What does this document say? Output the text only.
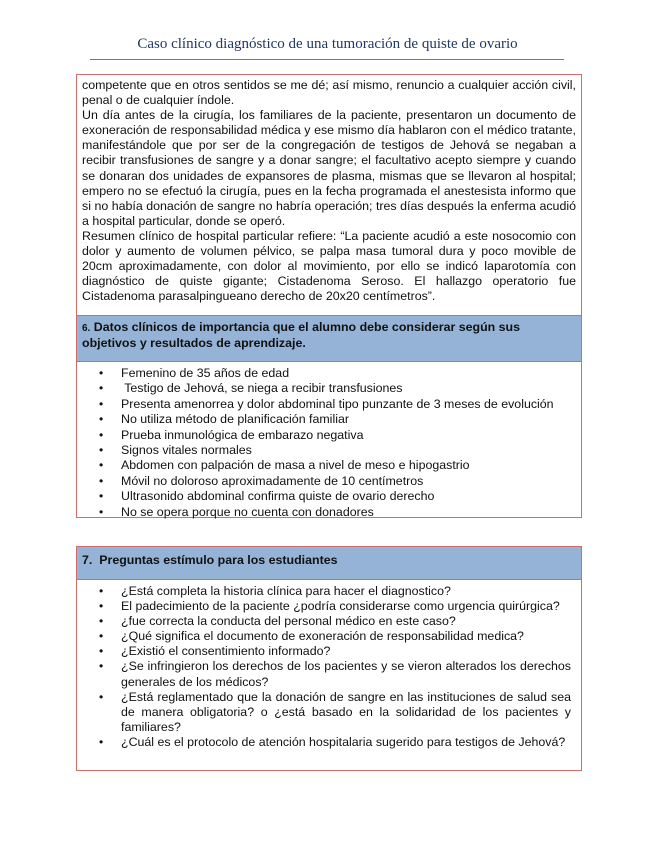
Caso clínico diagnóstico de una tumoración de quiste de ovario

competente que en otros sentidos se me dé; así mismo, renuncio a cualquier acción civil, penal o de cualquier índole.

Un día antes de la cirugía, los familiares de la paciente, presentaron un documento de exoneración de responsabilidad médica y ese mismo día hablaron con el médico tratante, manifestándole que por ser de la congregación de testigos de Jehová se negaban a recibir transfusiones de sangre y a donar sangre; el facultativo acepto siempre y cuando se donaran dos unidades de expansores de plasma, mismas que se llevaron al hospital; empero no se efectuó la cirugía, pues en la fecha programada el anestesista informo que si no había donación de sangre no habría operación; tres días después la enferma acudió a hospital particular, donde se operó.

Resumen clínico de hospital particular refiere: “La paciente acudió a este nosocomio con dolor y aumento de volumen pélvico, se palpa masa tumoral dura y poco movible de 20cm aproximadamente, con dolor al movimiento, por ello se indicó laparotomía con diagnóstico de quiste gigante; Cistadenoma Seroso. El hallazgo operatorio fue Cistadenoma parasalpingueano derecho de 20x20 centímetros”.

6. Datos clínicos de importancia que el alumno debe considerar según sus objetivos y resultados de aprendizaje.
• Femenino de 35 años de edad
• Testigo de Jehová, se niega a recibir transfusiones
• Presenta amenorrea y dolor abdominal tipo punzante de 3 meses de evolución
• No utiliza método de planificación familiar
• Prueba inmunológica de embarazo negativa
• Signos vitales normales
• Abdomen con palpación de masa a nivel de meso e hipogastrio
• Móvil no doloroso aproximadamente de 10 centímetros
• Ultrasonido abdominal confirma quiste de ovario derecho
• No se opera porque no cuenta con donadores
7. Preguntas estímulo para los estudiantes
• ¿Está completa la historia clínica para hacer el diagnostico?
• El padecimiento de la paciente ¿podría considerarse como urgencia quirúrgica?
• ¿fue correcta la conducta del personal médico en este caso?
• ¿Qué significa el documento de exoneración de responsabilidad medica?
• ¿Existió el consentimiento informado?
• ¿Se infringieron los derechos de los pacientes y se vieron alterados los derechos generales de los médicos?
• ¿Está reglamentado que la donación de sangre en las instituciones de salud sea de manera obligatoria? o ¿está basado en la solidaridad de los pacientes y familiares?
• ¿Cuál es el protocolo de atención hospitalaria sugerido para testigos de Jehová?
